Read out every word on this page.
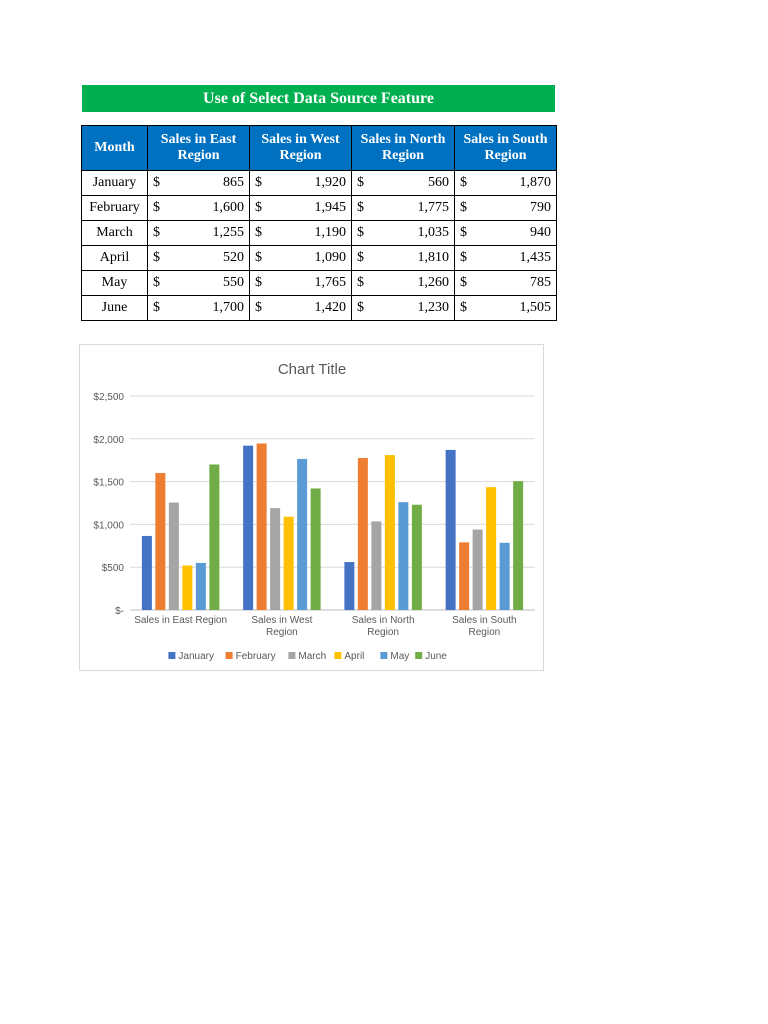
Use of Select Data Source Feature
Month	Sales in East Region	Sales in West Region	Sales in North Region	Sales in South Region
January	$ 865	$ 1,920	$ 560	$ 1,870

February	$ 1,600	$ 1,945	$ 1,775	$ 790

March	$ 1,255	$ 1,190	$ 1,035	$ 940

April	$ 520	$ 1,090	$ 1,810	$ 1,435

May	$ 550	$ 1,765	$ 1,260	$ 785

June	$ 1,700	$ 1,420	$ 1,230	$ 1,505
Chart Title
$-
$500
$1,000
$1,500
$2,000
$2,500
Sales in East Region Sales in West
Region
Sales in North
Region
Sales in South
Region
January February March April	May June
